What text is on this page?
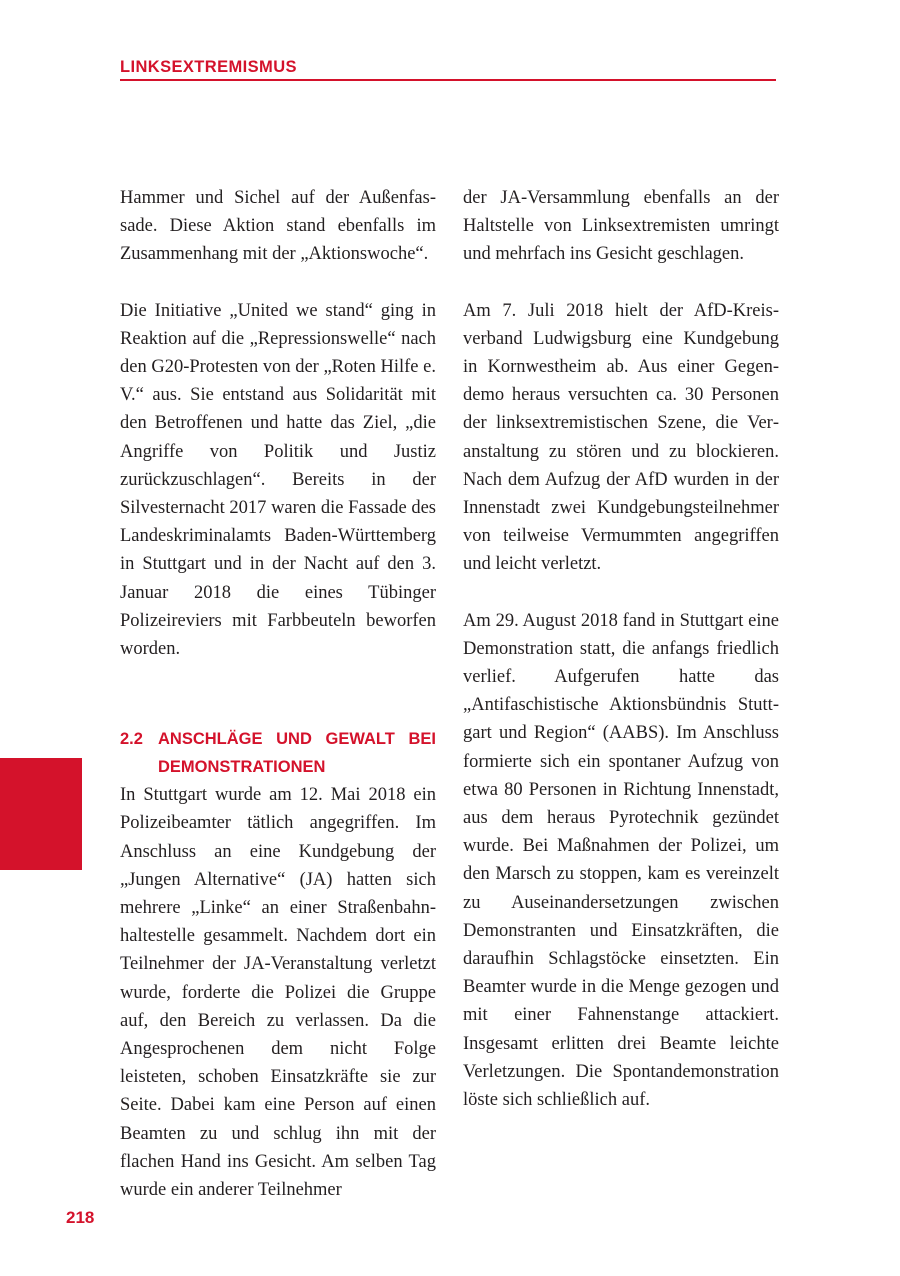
LINKSEXTREMISMUS

Hammer und Sichel auf der Außenfassade. Diese Aktion stand ebenfalls im Zusammenhang mit der „Aktionswoche“.

Die Initiative „United we stand“ ging in Reaktion auf die „Repressionswelle“ nach den G20-Protesten von der „Roten Hilfe e. V.“ aus. Sie entstand aus Solidarität mit den Betroffenen und hatte das Ziel, „die Angriffe von Politik und Justiz zurückzuschlagen“. Bereits in der Silvesternacht 2017 waren die Fassade des Landeskriminalamts Baden-Württemberg in Stuttgart und in der Nacht auf den 3. Januar 2018 die eines Tübinger Polizeireviers mit Farbbeuteln beworfen worden.

2.2 ANSCHLÄGE UND GEWALT BEI DEMONSTRATIONEN

In Stuttgart wurde am 12. Mai 2018 ein Polizeibeamter tätlich angegriffen. Im Anschluss an eine Kundgebung der „Jungen Alternative“ (JA) hatten sich mehrere „Linke“ an einer Straßenbahnhaltestelle gesammelt. Nachdem dort ein Teilnehmer der JA-Veranstaltung verletzt wurde, forderte die Polizei die Gruppe auf, den Bereich zu verlassen. Da die Angesprochenen dem nicht Folge leisteten, schoben Einsatzkräfte sie zur Seite. Dabei kam eine Person auf einen Beamten zu und schlug ihn mit der flachen Hand ins Gesicht. Am selben Tag wurde ein anderer Teilnehmer

der JA-Versammlung ebenfalls an der Haltstelle von Linksextremisten umringt und mehrfach ins Gesicht geschlagen.

Am 7. Juli 2018 hielt der AfD-Kreisverband Ludwigsburg eine Kundgebung in Kornwestheim ab. Aus einer Gegendemo heraus versuchten ca. 30 Personen der linksextremistischen Szene, die Veranstaltung zu stören und zu blockieren. Nach dem Aufzug der AfD wurden in der Innenstadt zwei Kundgebungsteilnehmer von teilweise Vermummten angegriffen und leicht verletzt.

Am 29. August 2018 fand in Stuttgart eine Demonstration statt, die anfangs friedlich verlief. Aufgerufen hatte das „Antifaschistische Aktionsbündnis Stuttgart und Region“ (AABS). Im Anschluss formierte sich ein spontaner Aufzug von etwa 80 Personen in Richtung Innenstadt, aus dem heraus Pyrotechnik gezündet wurde. Bei Maßnahmen der Polizei, um den Marsch zu stoppen, kam es vereinzelt zu Auseinandersetzungen zwischen Demonstranten und Einsatzkräften, die daraufhin Schlagstöcke einsetzten. Ein Beamter wurde in die Menge gezogen und mit einer Fahnenstange attackiert. Insgesamt erlitten drei Beamte leichte Verletzungen. Die Spontandemonstration löste sich schließlich auf.

218
